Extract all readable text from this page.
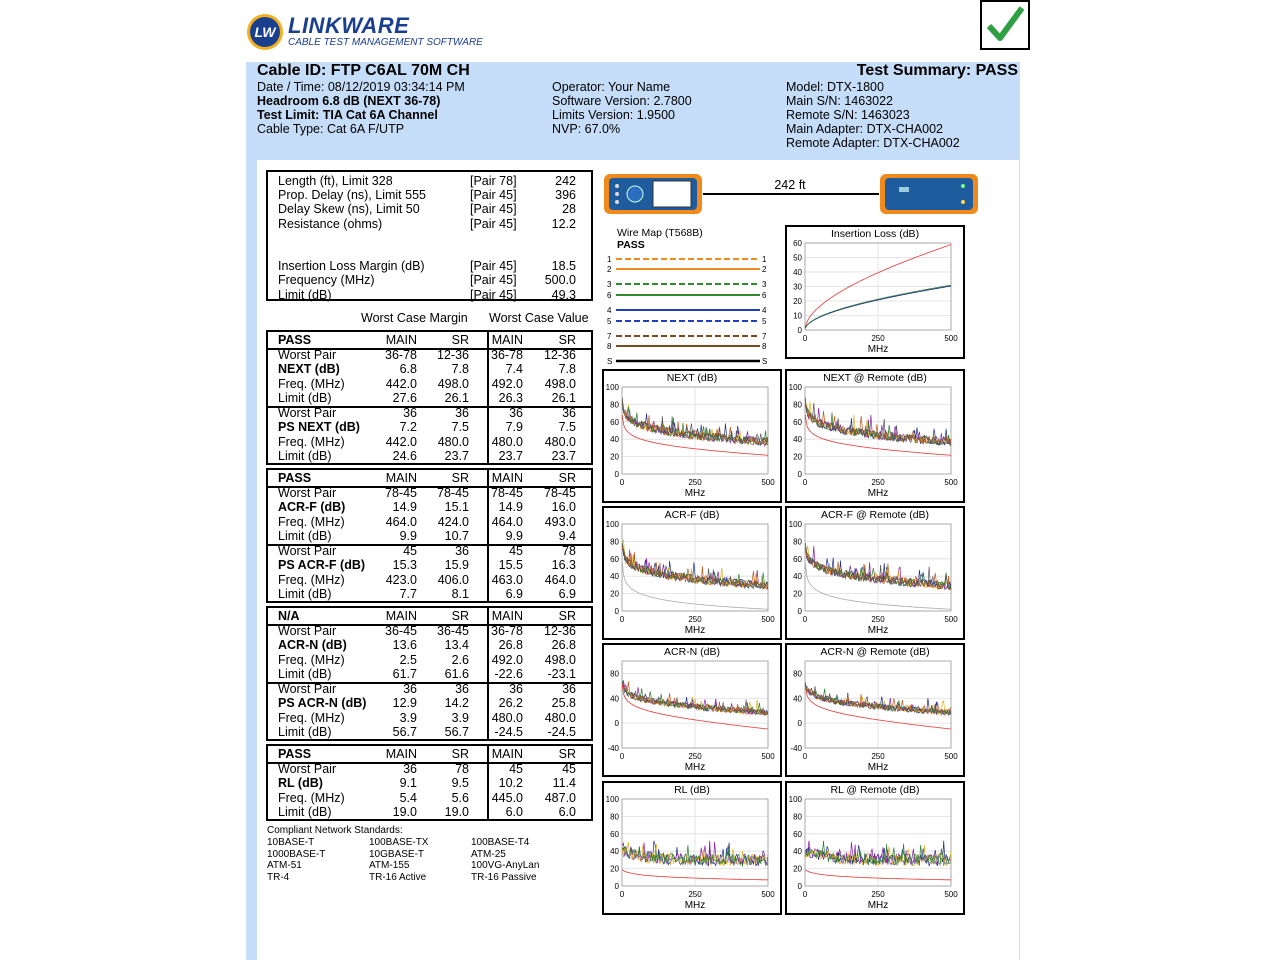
LW LINKWARE
CABLE TEST MANAGEMENT SOFTWARE
Cable ID: FTP C6AL 70M CH	Test Summary: PASS
Date / Time: 08/12/2019 03:34:14 PM
Headroom 6.8 dB (NEXT 36-78)
Test Limit: TIA Cat 6A Channel
Cable Type: Cat 6A F/UTP
Operator: Your Name
Software Version: 2.7800
Limits Version: 1.9500
NVP: 67.0%
Model: DTX-1800
Main S/N: 1463022
Remote S/N: 1463023
Main Adapter: DTX-CHA002
Remote Adapter: DTX-CHA002
Length (ft), Limit 328	[Pair 78]	242
Prop. Delay (ns), Limit 555	[Pair 45]	396
Delay Skew (ns), Limit 50	[Pair 45]	28
Resistance (ohms)	[Pair 45]	12.2
Insertion Loss Margin (dB)	[Pair 45]	18.5
Frequency (MHz)	[Pair 45] 500.0
Limit (dB)	[Pair 45]	49.3
Worst Case Margin Worst Case Value
PASS	MAIN	SR MAIN	SR
Worst Pair	36-78 12-36 36-78 12-36
NEXT (dB)	6.8	7.8	7.4	7.8
Freq. (MHz)	442.0 498.0 492.0 498.0
Limit (dB)	27.6 26.1 26.3 26.1
Worst Pair	36	36	36	36
PS NEXT (dB)	7.2	7.5	7.9	7.5
Freq. (MHz)	442.0 480.0 480.0 480.0
Limit (dB)	24.6 23.7 23.7 23.7
PASS	MAIN	SR MAIN	SR
Worst Pair	78-45 78-45 78-45 78-45
ACR-F (dB)	14.9 15.1 14.9 16.0
Freq. (MHz)	464.0 424.0 464.0 493.0
Limit (dB)	9.9 10.7	9.9	9.4
Worst Pair	45	36	45	78
PS ACR-F (dB) 15.3 15.9 15.5 16.3
Freq. (MHz)	423.0 406.0 463.0 464.0
Limit (dB)	7.7	8.1	6.9	6.9
N/A	MAIN	SR MAIN	SR
Worst Pair	36-45 36-45 36-78 12-36
ACR-N (dB)	13.6 13.4 26.8 26.8
Freq. (MHz)	2.5	2.6 492.0 498.0
Limit (dB)	61.7 61.6 -22.6 -23.1
Worst Pair	36	36	36	36
PS ACR-N (dB) 12.9 14.2 26.2 25.8
Freq. (MHz)	3.9	3.9 480.0 480.0
Limit (dB)	56.7 56.7 -24.5 -24.5
PASS	MAIN	SR MAIN	SR
Worst Pair	36	78	45	45
RL (dB)	9.1	9.5 10.2 11.4
Freq. (MHz)	5.4	5.6 445.0 487.0
Limit (dB)	19.0 19.0	6.0	6.0
Compliant Network Standards:
10BASE-T	100BASE-TX	100BASE-T4
1000BASE-T	10GBASE-T	ATM-25
ATM-51	ATM-155	100VG-AnyLan
TR-4	TR-16 Active	TR-16 Passive
242 ft
Wire Map (T568B)
PASS
1	1
2	2
3	3
6	6
4	4
5	5
7	7
8	8
S	S
Insertion Loss (dB)
0
10
20
30
40
50
60
0	250	500
MHz
NEXT (dB)
0
20
40
60
80
100
0	250	500
MHz
NEXT @ Remote (dB)
0
20
40
60
80
100
0	250	500
MHz
ACR-F (dB)
0
20
40
60
80
100
0	250	500
MHz
ACR-F @ Remote (dB)
0
20
40
60
80
100
0	250	500
MHz
ACR-N (dB)
-40
0
40
80
0	250	500
MHz
ACR-N @ Remote (dB)
-40
0
40
80
0	250	500
MHz
RL (dB)
0
20
40
60
80
100
0	250	500
MHz
RL @ Remote (dB)
0
20
40
60
80
100
0	250	500
MHz
